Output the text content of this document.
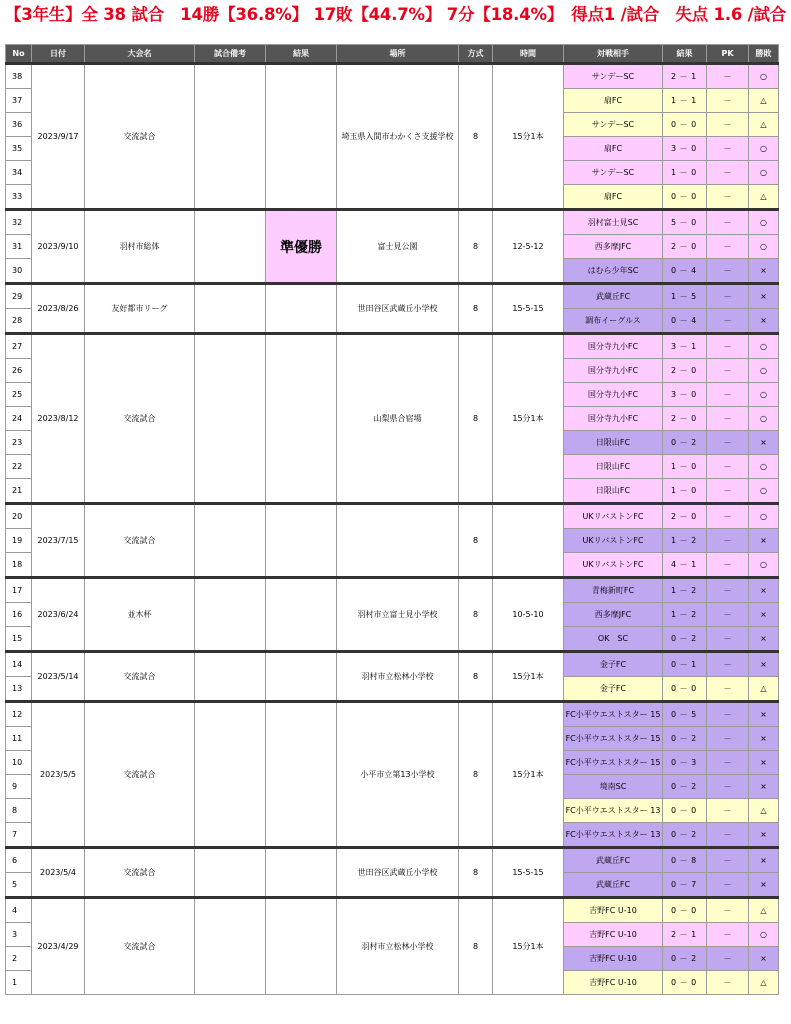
【3年生】全 38 試合　14勝【36.8%】 17敗【44.7%】 7分【18.4%】　得点1 /試合　失点 1.6 /試合
No	日付	大会名	試合備考	結果	場所	方式	時間	対戦相手	結果	PK	勝敗
38	2023/9/17	交流試合			埼玉県入間市わかくさ支援学校	8	15分1本	サンデーSC	2 － 1	－	○
37								扇FC	1 － 1	－	△
36								サンデーSC	0 － 0	－	△
35								扇FC	3 － 0	－	○
34								サンデーSC	1 － 0	－	○
33								扇FC	0 － 0	－	△
32	2023/9/10	羽村市総体		準優勝	富士見公園	8	12-5-12	羽村富士見SC	5 － 0	－	○
31								西多摩JFC	2 － 0	－	○
30								はむら少年SC	0 － 4	－	×
29	2023/8/26	友好都市リーグ			世田谷区武蔵丘小学校	8	15-5-15	武蔵丘FC	1 － 5	－	×
28								調布イーグルス	0 － 4	－	×
27	2023/8/12	交流試合			山梨県合宿場	8	15分1本	国分寺九小FC	3 － 1	－	○
26								国分寺九小FC	2 － 0	－	○
25								国分寺九小FC	3 － 0	－	○
24								国分寺九小FC	2 － 0	－	○
23								日限山FC	0 － 2	－	×
22								日限山FC	1 － 0	－	○
21								日限山FC	1 － 0	－	○
20	2023/7/15	交流試合				8		UKリバストンFC	2 － 0	－	○
19								UKリバストンFC	1 － 2	－	×
18								UKリバストンFC	4 － 1	－	○
17	2023/6/24	並木杯			羽村市立富士見小学校	8	10-5-10	青梅新町FC	1 － 2	－	×
16								西多摩JFC	1 － 2	－	×
15								OK　SC	0 － 2	－	×
14	2023/5/14	交流試合			羽村市立松林小学校	8	15分1本	金子FC	0 － 1	－	×
13								金子FC	0 － 0	－	△
12	2023/5/5	交流試合			小平市立第13小学校	8	15分1本	FC小平ウエストスター 15	0 － 5	－	×
11								FC小平ウエストスター 15	0 － 2	－	×
10								FC小平ウエストスター 15	0 － 3	－	×
9								境南SC	0 － 2	－	×
8								FC小平ウエストスター 13	0 － 0	－	△
7								FC小平ウエストスター 13	0 － 2	－	×
6	2023/5/4	交流試合			世田谷区武蔵丘小学校	8	15-5-15	武蔵丘FC	0 － 8	－	×
5								武蔵丘FC	0 － 7	－	×
4	2023/4/29	交流試合			羽村市立松林小学校	8	15分1本	吉野FC U-10	0 － 0	－	△
3								吉野FC U-10	2 － 1	－	○
2								吉野FC U-10	0 － 2	－	×
1								吉野FC U-10	0 － 0	－	△
